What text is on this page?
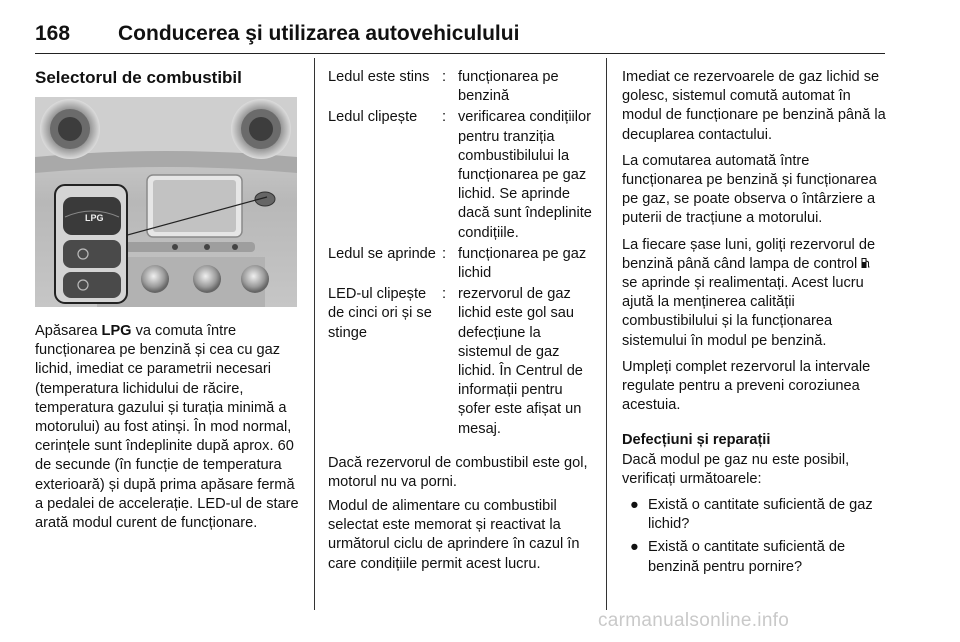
168 Conducerea şi utilizarea autovehiculului
Selectorul de combustibil
LPG
Apăsarea LPG va comuta între funcționarea pe benzină și cea cu gaz lichid, imediat ce parametrii necesari (temperatura lichidului de răcire, temperatura gazului și turația minimă a motorului) au fost atinși. În mod normal, cerințele sunt îndeplinite după aprox. 60 de secunde (în funcție de temperatura exterioară) și după prima apăsare fermă a pedalei de accelerație. LED-ul de stare arată modul curent de funcționare.
Ledul este stins : funcționarea pe benzină
Ledul clipește	: verificarea condițiilor pentru tranziția combustibilului la funcționarea pe gaz lichid. Se aprinde dacă sunt îndeplinite condițiile.
Ledul se aprinde : funcționarea pe gaz lichid
LED-ul clipește de cinci ori și se stinge
: rezervorul de gaz lichid este gol sau defecțiune la sistemul de gaz lichid. În Centrul de informații pentru șofer este afișat un mesaj.
Dacă rezervorul de combustibil este gol, motorul nu va porni.
Modul de alimentare cu combustibil selectat este memorat și reactivat la următorul ciclu de aprindere în cazul în care condițiile permit acest lucru.

Imediat ce rezervoarele de gaz lichid se golesc, sistemul comută automat în modul de funcționare pe benzină până la decuplarea contactului.

La comutarea automată între funcționarea pe benzină și funcționarea pe gaz, se poate observa o întârziere a puterii de tracțiune a motorului.

La fiecare șase luni, goliți rezervorul de benzină până când lampa de control  se aprinde și realimentați. Acest lucru ajută la menținerea calității combustibilului și la funcționarea sistemului în modul pe benzină.

Umpleți complet rezervorul la intervale regulate pentru a preveni coroziunea acestuia.

Defecțiuni și reparații

Dacă modul pe gaz nu este posibil, verificați următoarele:

● Există o cantitate suficientă de gaz lichid?
● Există o cantitate suficientă de benzină pentru pornire?
carmanualsonline.info
